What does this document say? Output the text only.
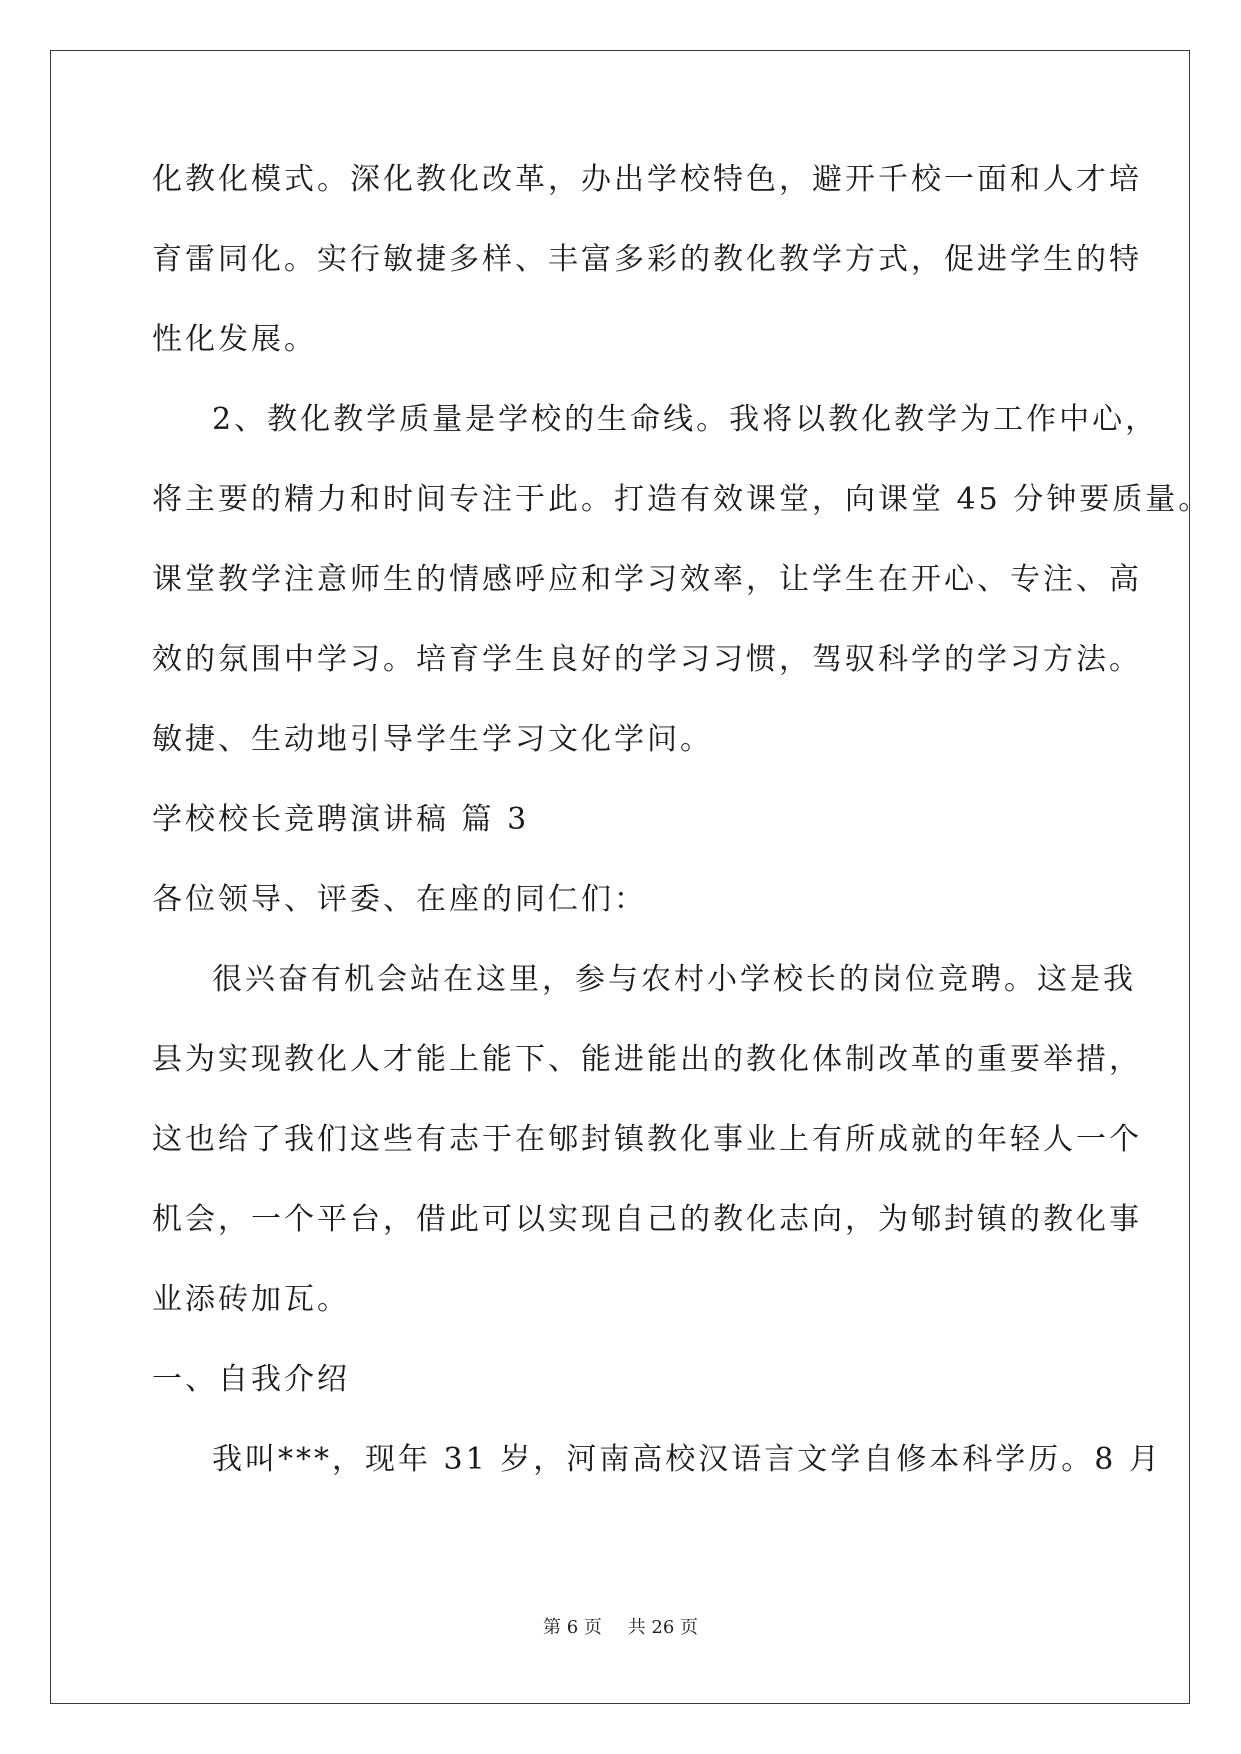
化教化模式。深化教化改革，办出学校特色，避开千校一面和人才培
育雷同化。实行敏捷多样、丰富多彩的教化教学方式，促进学生的特
性化发展。
2、教化教学质量是学校的生命线。我将以教化教学为工作中心，
将主要的精力和时间专注于此。打造有效课堂，向课堂 45 分钟要质量。
课堂教学注意师生的情感呼应和学习效率，让学生在开心、专注、高
效的氛围中学习。培育学生良好的学习习惯，驾驭科学的学习方法。
敏捷、生动地引导学生学习文化学问。
学校校长竞聘演讲稿 篇 3
各位领导、评委、在座的同仁们：
很兴奋有机会站在这里，参与农村小学校长的岗位竞聘。这是我
县为实现教化人才能上能下、能进能出的教化体制改革的重要举措，
这也给了我们这些有志于在郇封镇教化事业上有所成就的年轻人一个
机会，一个平台，借此可以实现自己的教化志向，为郇封镇的教化事
业添砖加瓦。
一、自我介绍
我叫***，现年 31 岁，河南高校汉语言文学自修本科学历。8 月
第 6 页 共 26 页
